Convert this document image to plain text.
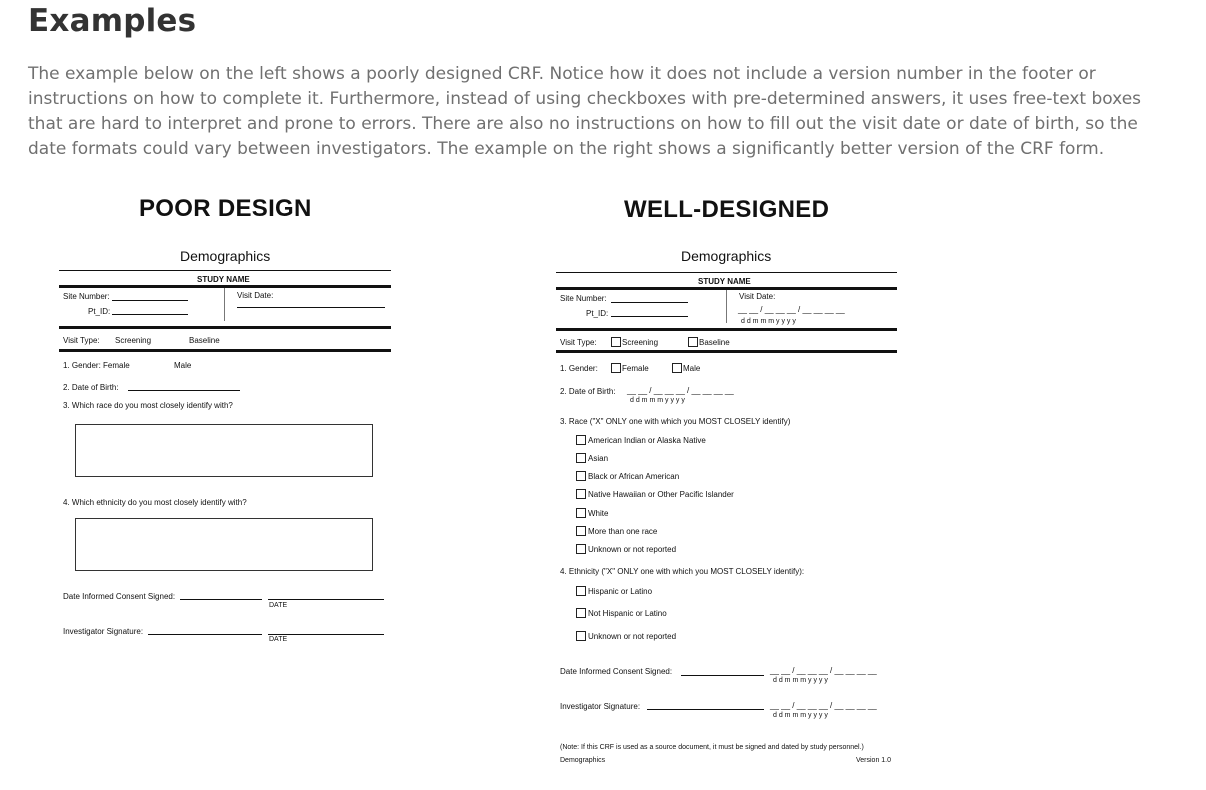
Examples

The example below on the left shows a poorly designed CRF. Notice how it does not include a version number in the footer or instructions on how to complete it. Furthermore, instead of using checkboxes with pre-determined answers, it uses free-text boxes that are hard to interpret and prone to errors. There are also no instructions on how to fill out the visit date or date of birth, so the date formats could vary between investigators. The example on the right shows a significantly better version of the CRF form.

POOR DESIGN	WELL-DESIGNED
Demographics
STUDY NAME
Site Number:
Pt_ID:
Visit Date:
Visit Type: Screening	Baseline
1. Gender: Female	Male
2. Date of Birth:
3. Which race do you most closely identify with?
4. Which ethnicity do you most closely identify with?
Date Informed Consent Signed:
DATE
Investigator Signature:
DATE
Demographics
STUDY NAME
Site Number:
Pt_ID:
Visit Date:
__ __ / __ __ __ / __ __ __ __
d d m m m y y y y
Visit Type:	Screening	Baseline
1. Gender:	Female	Male
2. Date of Birth: __ __ / __ __ __ / __ __ __ __
d d m m m y y y y
3. Race ("X" ONLY one with which you MOST CLOSELY identify)
American Indian or Alaska Native
Asian
Black or African American
Native Hawaiian or Other Pacific Islander
White
More than one race
Unknown or not reported
4. Ethnicity ("X" ONLY one with which you MOST CLOSELY identify):
Hispanic or Latino
Not Hispanic or Latino
Unknown or not reported
Date Informed Consent Signed:	__ __ / __ __ __ / __ __ __ __
d d m m m y y y y
Investigator Signature:	__ __ / __ __ __ / __ __ __ __
d d m m m y y y y
(Note: If this CRF is used as a source document, it must be signed and dated by study personnel.)
Demographics	Version 1.0
